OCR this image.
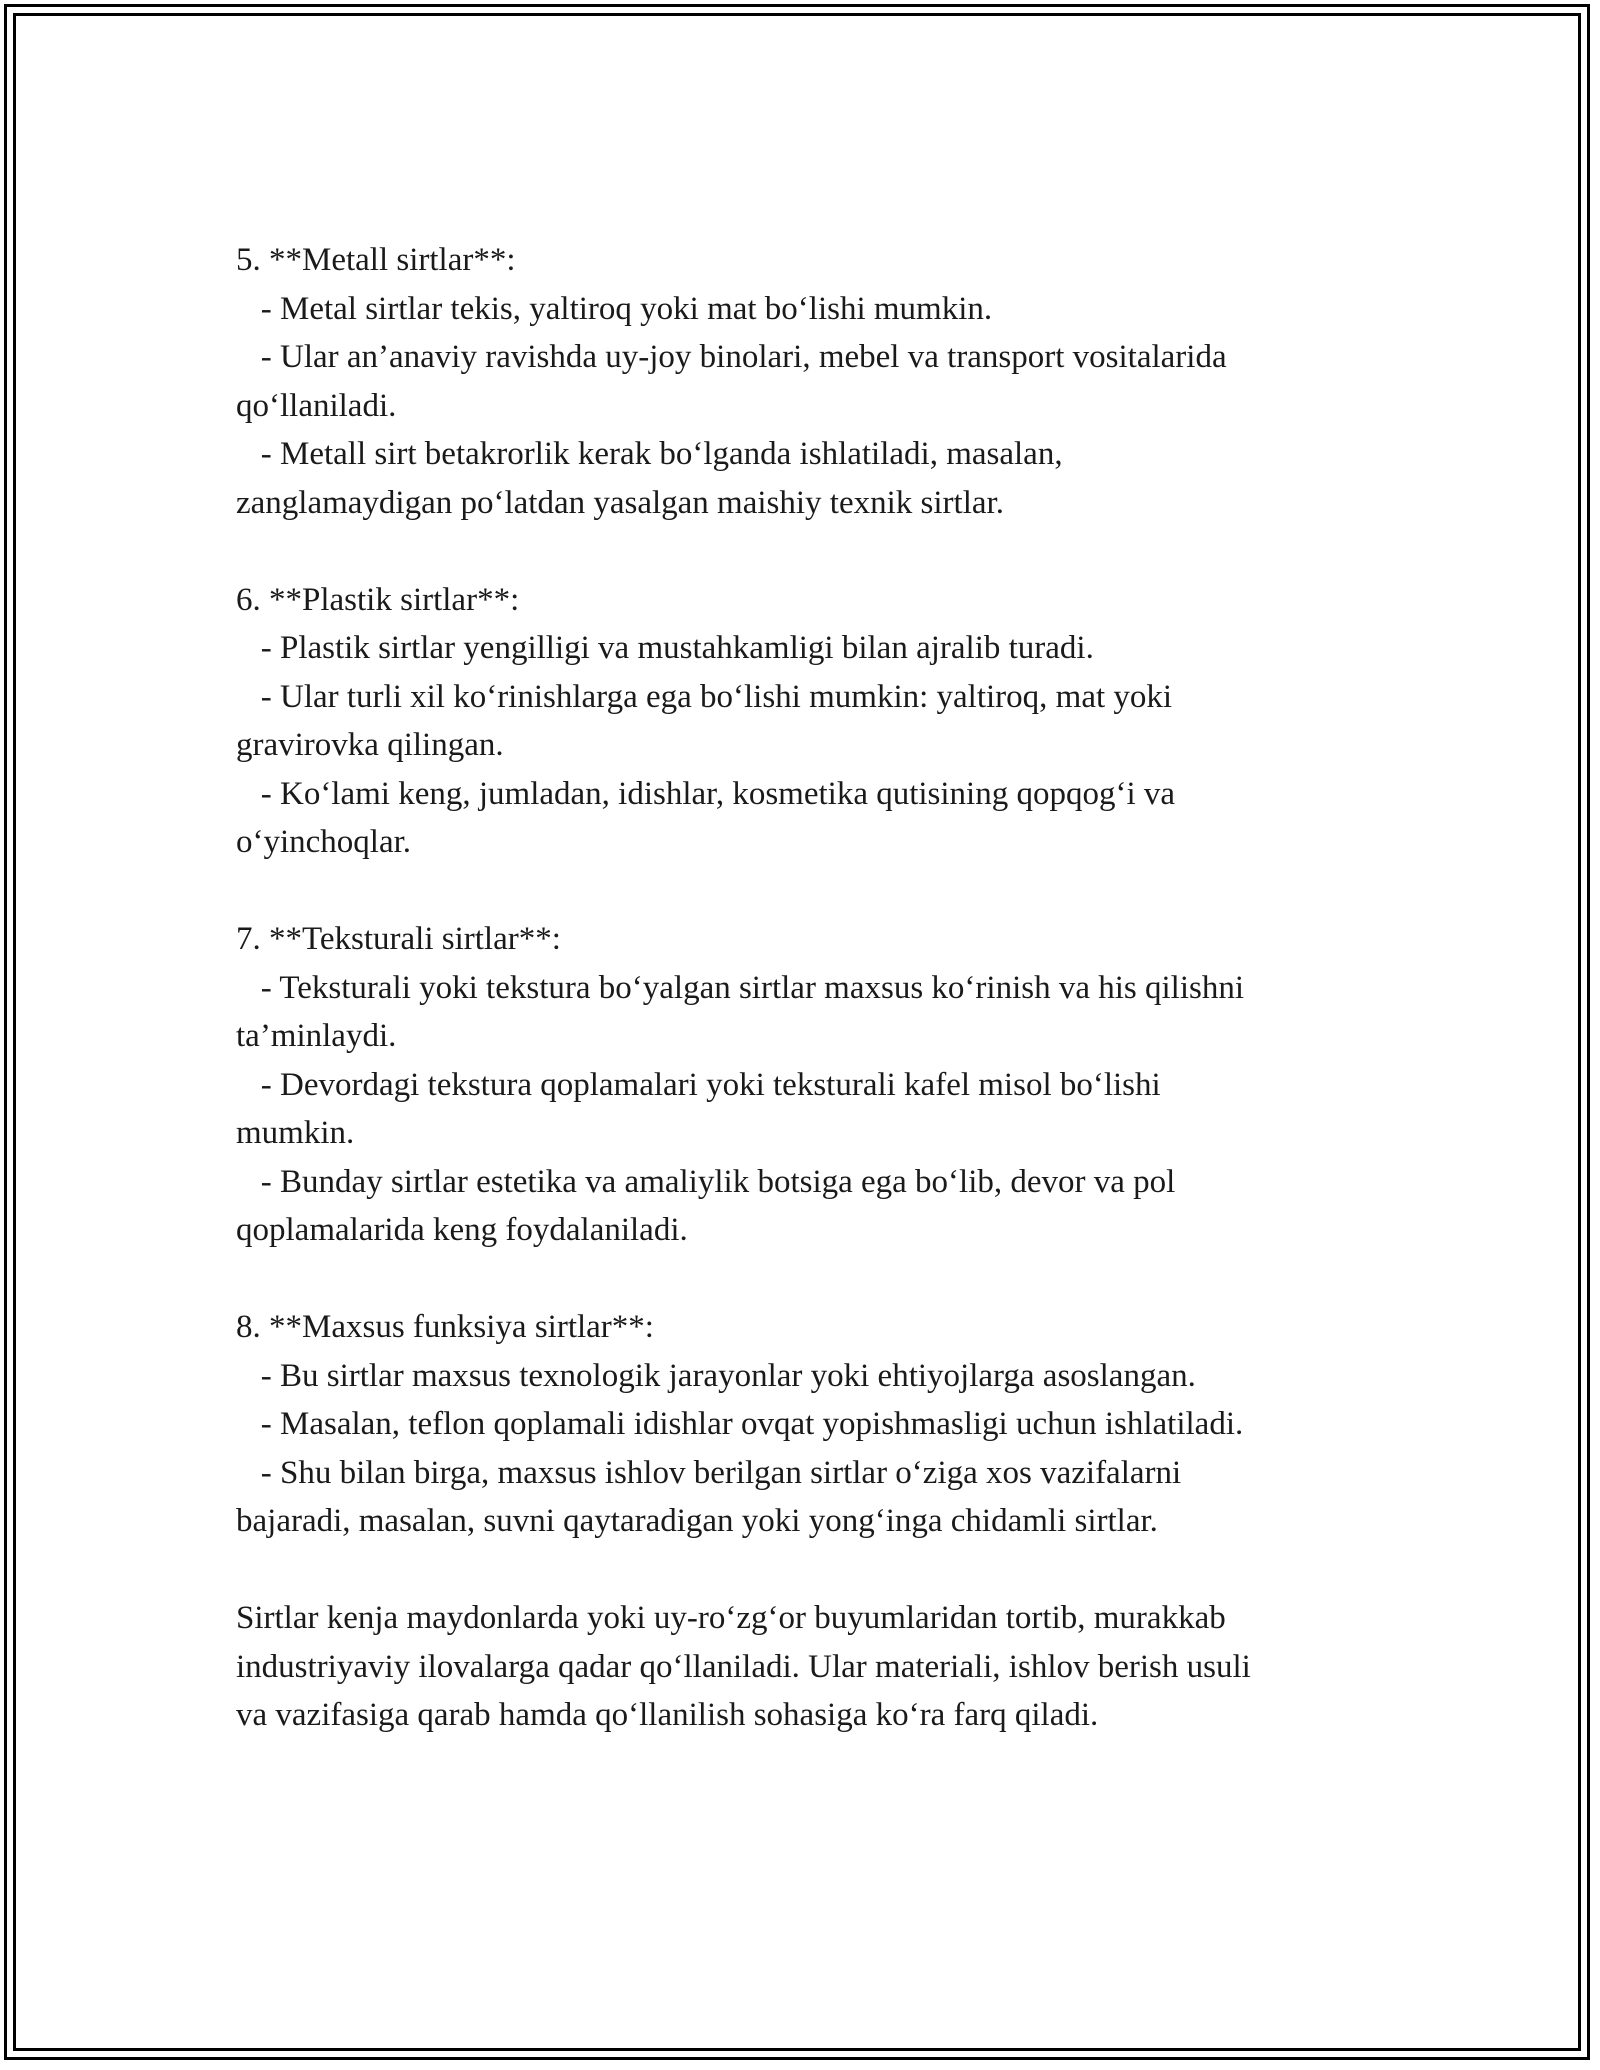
5. **Metall sirtlar**:

- Metal sirtlar tekis, yaltiroq yoki mat bo‘lishi mumkin.

- Ular an’anaviy ravishda uy-joy binolari, mebel va transport vositalarida

qo‘llaniladi.

- Metall sirt betakrorlik kerak bo‘lganda ishlatiladi, masalan,

zanglamaydigan po‘latdan yasalgan maishiy texnik sirtlar.

6. **Plastik sirtlar**:

- Plastik sirtlar yengilligi va mustahkamligi bilan ajralib turadi.

- Ular turli xil ko‘rinishlarga ega bo‘lishi mumkin: yaltiroq, mat yoki

gravirovka qilingan.

- Ko‘lami keng, jumladan, idishlar, kosmetika qutisining qopqog‘i va

o‘yinchoqlar.

7. **Teksturali sirtlar**:

- Teksturali yoki tekstura bo‘yalgan sirtlar maxsus ko‘rinish va his qilishni

ta’minlaydi.

- Devordagi tekstura qoplamalari yoki teksturali kafel misol bo‘lishi

mumkin.

- Bunday sirtlar estetika va amaliylik botsiga ega bo‘lib, devor va pol

qoplamalarida keng foydalaniladi.

8. **Maxsus funksiya sirtlar**:

- Bu sirtlar maxsus texnologik jarayonlar yoki ehtiyojlarga asoslangan.

- Masalan, teflon qoplamali idishlar ovqat yopishmasligi uchun ishlatiladi.

- Shu bilan birga, maxsus ishlov berilgan sirtlar o‘ziga xos vazifalarni

bajaradi, masalan, suvni qaytaradigan yoki yong‘inga chidamli sirtlar.

Sirtlar kenja maydonlarda yoki uy-ro‘zg‘or buyumlaridan tortib, murakkab

industriyaviy ilovalarga qadar qo‘llaniladi. Ular materiali, ishlov berish usuli

va vazifasiga qarab hamda qo‘llanilish sohasiga ko‘ra farq qiladi.
